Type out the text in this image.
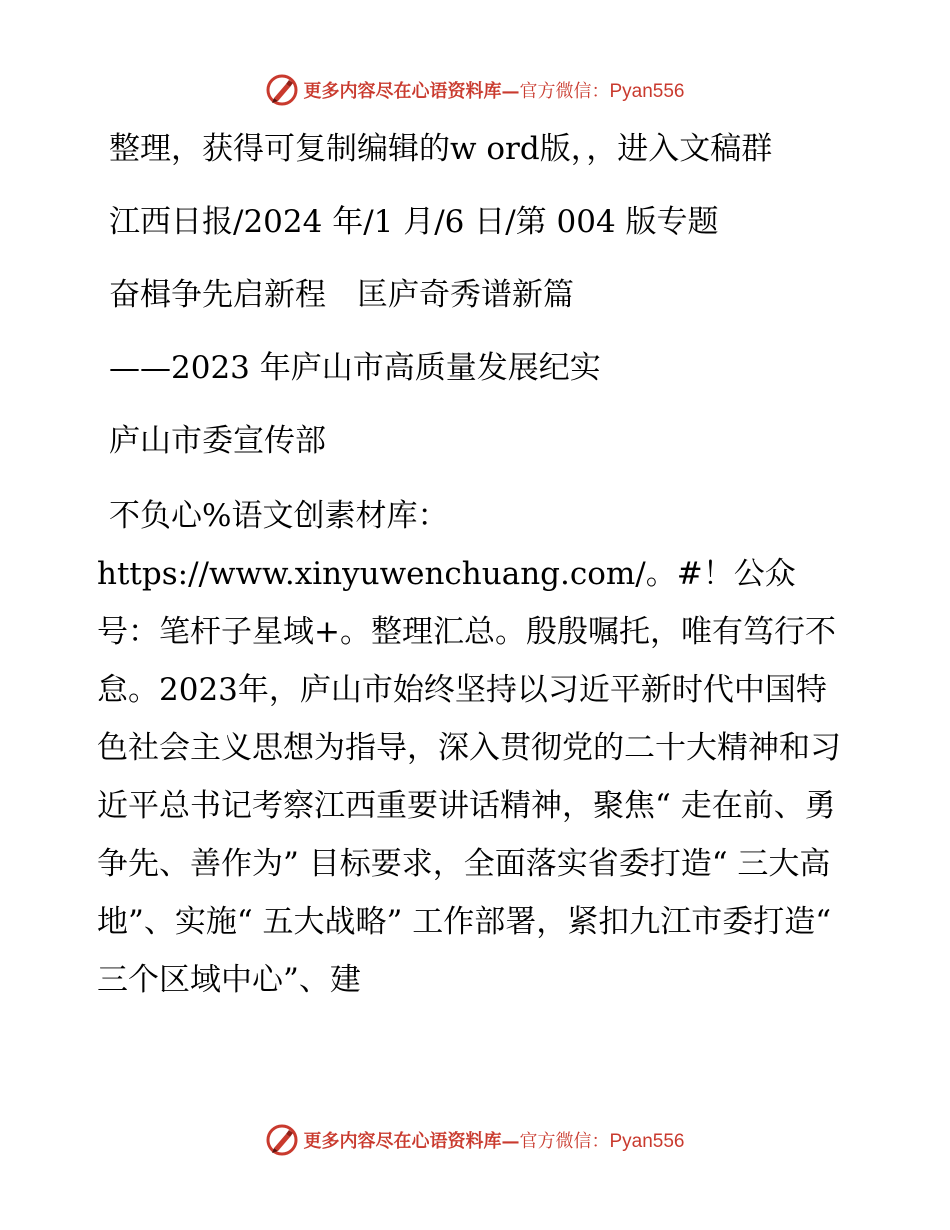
更多内容尽在心语资料库—官方微信：Pyan556

整理，获得可复制编辑的w ord版，，进入文稿群

江西日报/2024 年/1 月/6 日/第 004 版专题

奋楫争先启新程　匡庐奇秀谱新篇

——2023 年庐山市高质量发展纪实

庐山市委宣传部

不负心%语文创素材库：https://www.xinyuwenchuang.com/。#！公众号：笔杆子星域+。整理汇总。殷殷嘱托，唯有笃行不怠。2023年，庐山市始终坚持以习近平新时代中国特色社会主义思想为指导，深入贯彻党的二十大精神和习近平总书记考察江西重要讲话精神，聚焦“ 走在前、勇争先、善作为” 目标要求，全面落实省委打造“ 三大高地”、实施“ 五大战略” 工作部署，紧扣九江市委打造“ 三个区域中心”、建

更多内容尽在心语资料库—官方微信：Pyan556
